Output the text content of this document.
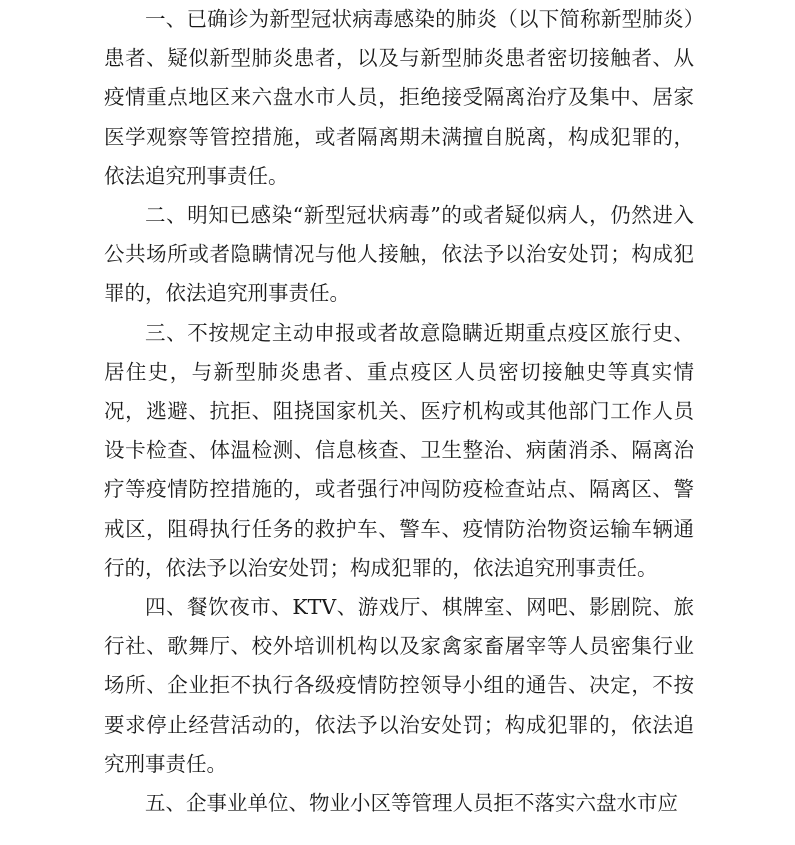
一、已确诊为新型冠状病毒感染的肺炎（以下简称新型肺炎）患者、疑似新型肺炎患者，以及与新型肺炎患者密切接触者、从疫情重点地区来六盘水市人员，拒绝接受隔离治疗及集中、居家医学观察等管控措施，或者隔离期未满擅自脱离，构成犯罪的，依法追究刑事责任。

二、明知已感染“新型冠状病毒”的或者疑似病人，仍然进入公共场所或者隐瞒情况与他人接触，依法予以治安处罚；构成犯罪的，依法追究刑事责任。

三、不按规定主动申报或者故意隐瞒近期重点疫区旅行史、居住史，与新型肺炎患者、重点疫区人员密切接触史等真实情况，逃避、抗拒、阻挠国家机关、医疗机构或其他部门工作人员设卡检查、体温检测、信息核查、卫生整治、病菌消杀、隔离治疗等疫情防控措施的，或者强行冲闯防疫检查站点、隔离区、警戒区，阻碍执行任务的救护车、警车、疫情防治物资运输车辆通行的，依法予以治安处罚；构成犯罪的，依法追究刑事责任。

四、餐饮夜市、KTV、游戏厅、棋牌室、网吧、影剧院、旅行社、歌舞厅、校外培训机构以及家禽家畜屠宰等人员密集行业场所、企业拒不执行各级疫情防控领导小组的通告、决定，不按要求停止经营活动的，依法予以治安处罚；构成犯罪的，依法追究刑事责任。

五、企事业单位、物业小区等管理人员拒不落实六盘水市应
